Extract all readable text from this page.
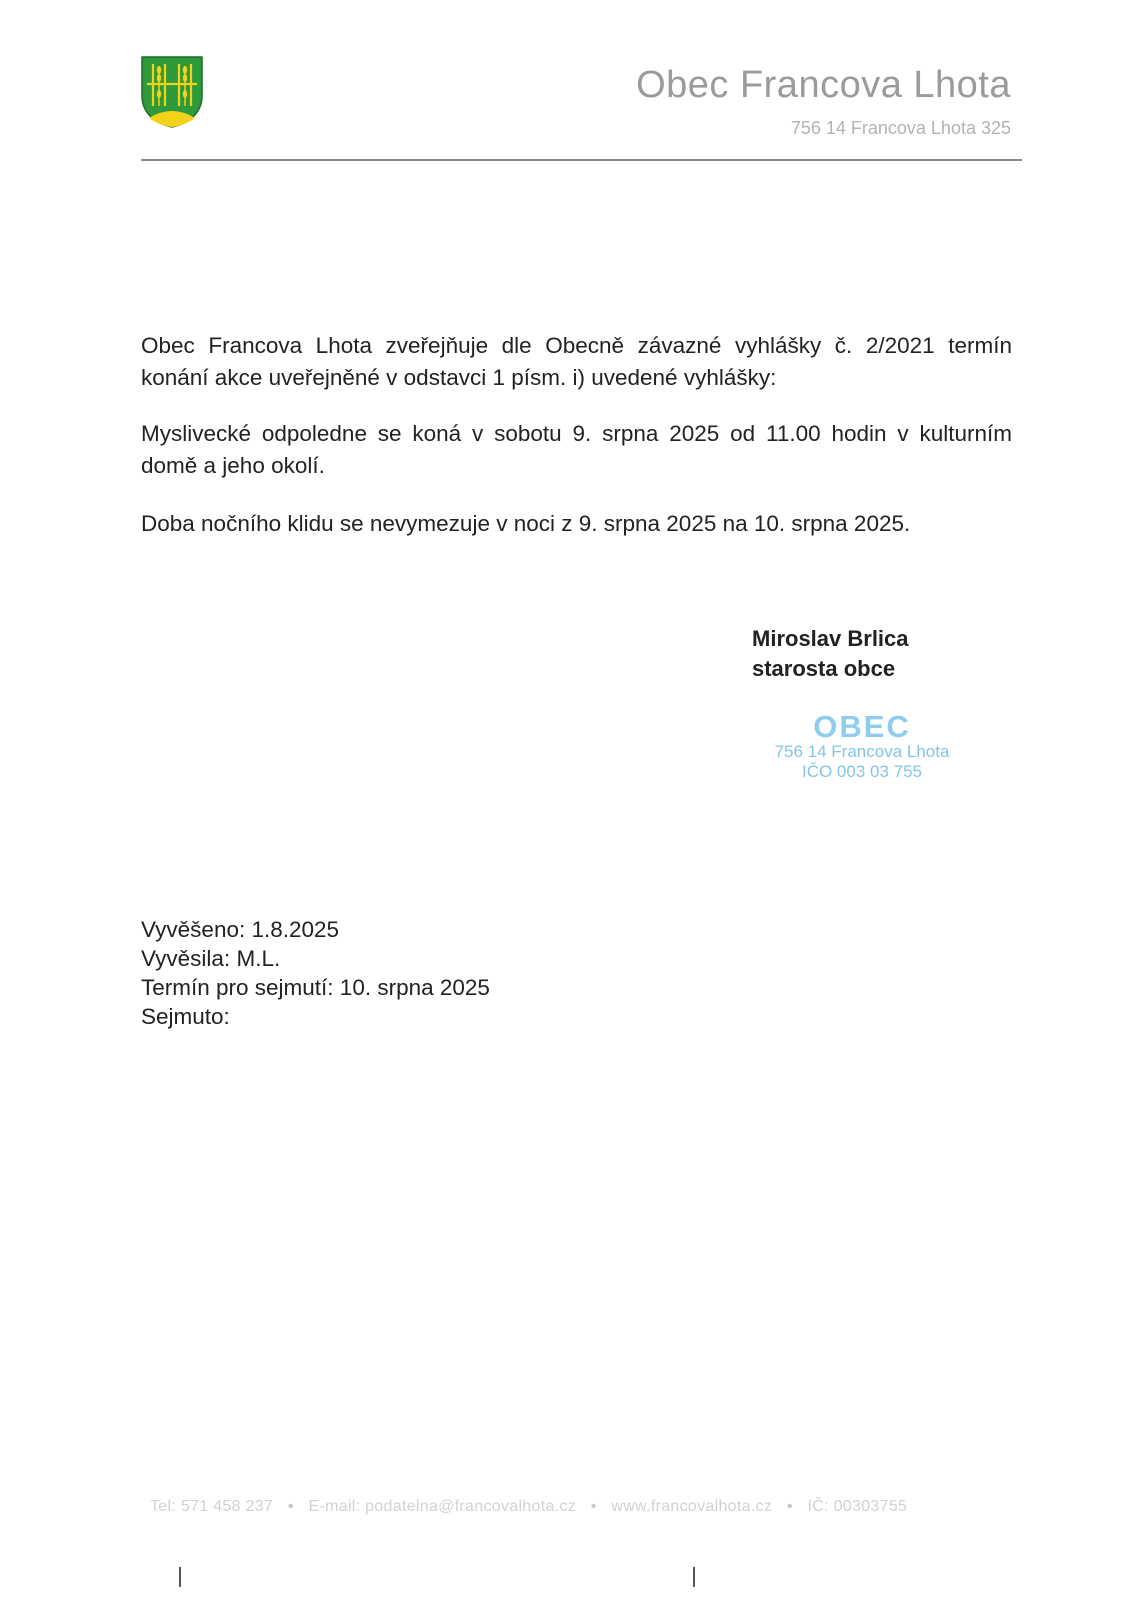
Obec Francova Lhota
756 14 Francova Lhota 325
Obec Francova Lhota zveřejňuje dle Obecně závazné vyhlášky č. 2/2021 termín konání akce uveřejněné v odstavci 1 písm. i) uvedené vyhlášky:
Myslivecké odpoledne se koná v sobotu 9. srpna 2025 od 11.00 hodin v kulturním domě a jeho okolí.
Doba nočního klidu se nevymezuje v noci z 9. srpna 2025 na 10. srpna 2025.
Miroslav Brlica
starosta obce
OBEC
756 14 Francova Lhota
IČO 003 03 755
Vyvěšeno: 1.8.2025
Vyvěsila: M.L.
Termín pro sejmutí: 10. srpna 2025
Sejmuto:
Tel: 571 458 237 • E-mail: podatelna@francovalhota.cz • www.francovalhota.cz • IČ: 00303755
